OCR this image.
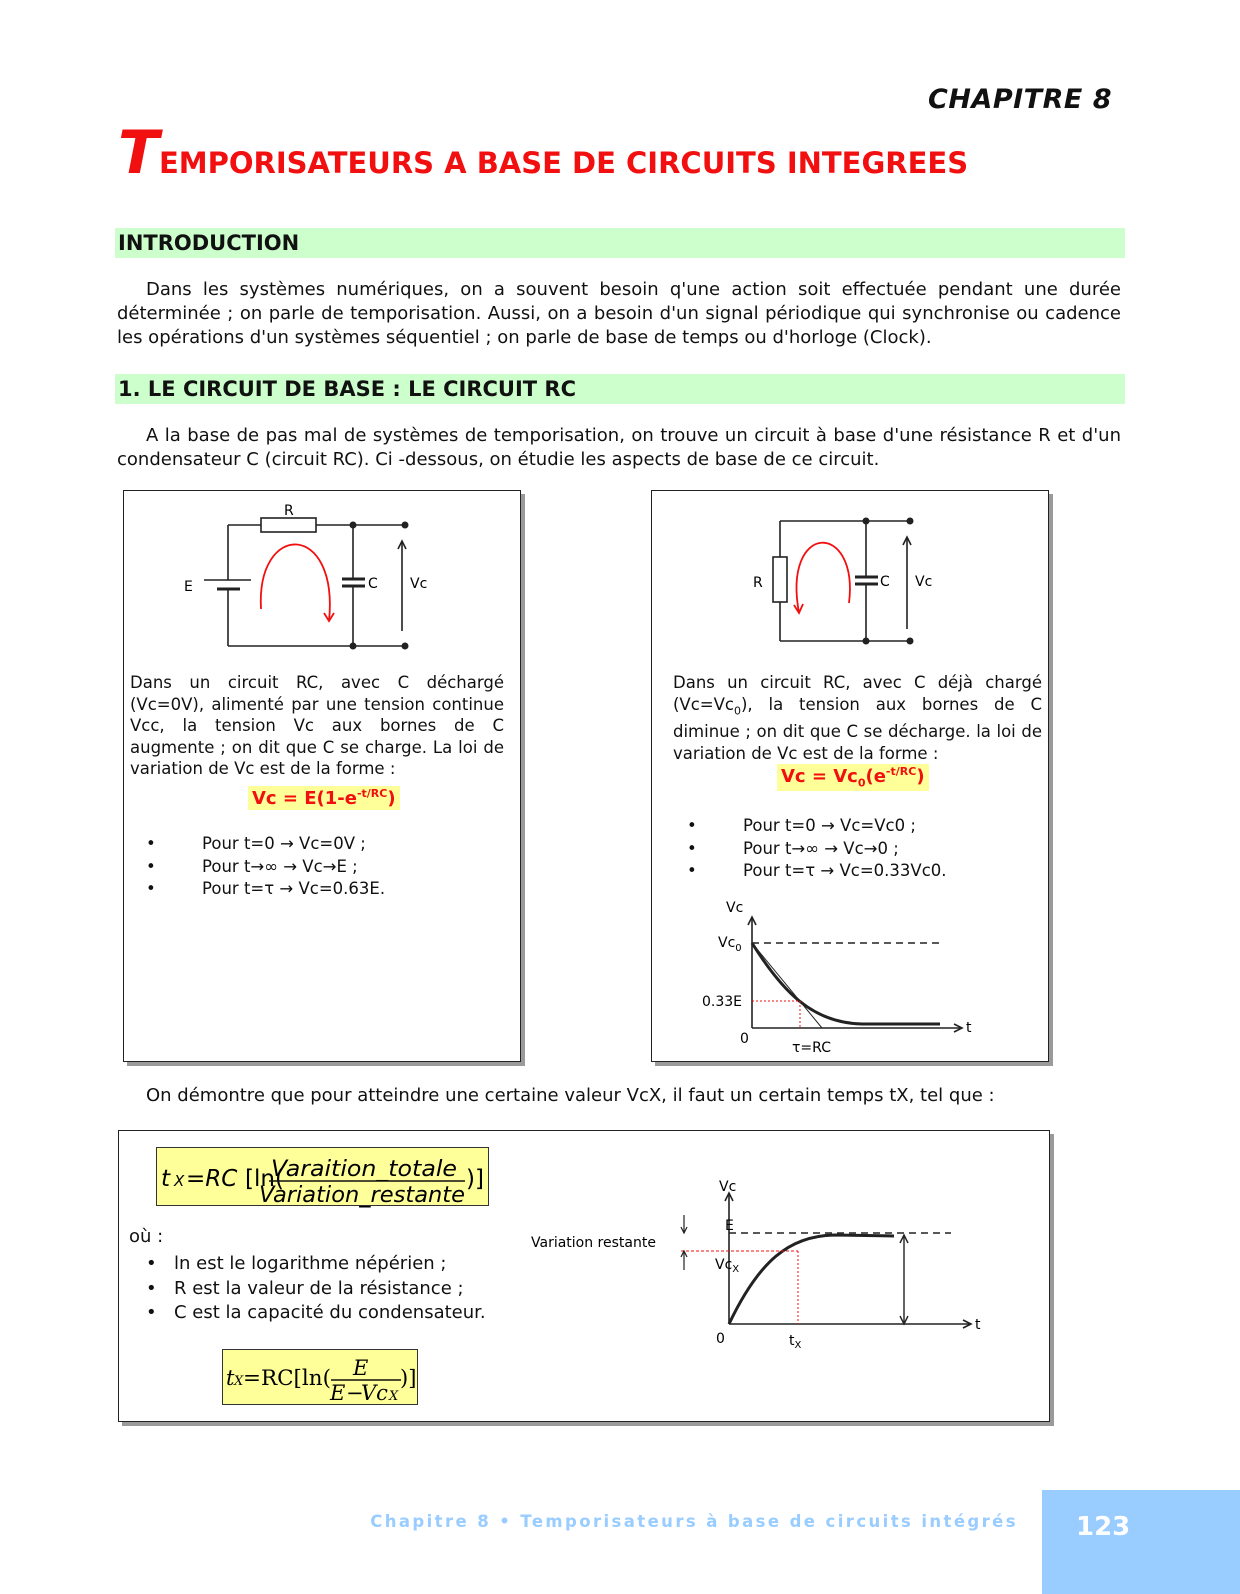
CHAPITRE 8
TEMPORISATEURS A BASE DE CIRCUITS INTEGREES
INTRODUCTION

Dans les systèmes numériques, on a souvent besoin q'une action soit effectuée pendant une durée déterminée ; on parle de temporisation. Aussi, on a besoin d'un signal périodique qui synchronise ou cadence les opérations d'un systèmes séquentiel ; on parle de base de temps ou d'horloge (Clock).

1. LE CIRCUIT DE BASE : LE CIRCUIT RC

A la base de pas mal de systèmes de temporisation, on trouve un circuit à base d'une résistance R et d'un condensateur C (circuit RC). Ci -dessous, on étudie les aspects de base de ce circuit.

R
E	C Vc
Dans un circuit RC, avec C déchargé (Vc=0V), alimenté par une tension continue Vcc, la tension Vc aux bornes de C augmente ; on dit que C se charge. La loi de variation de Vc est de la forme :
$Vc = E(1-e^{-t/RC})$
• Pour t=0 → Vc=0V ;
• Pour t→∞ → Vc→E ;
• Pour t=τ → Vc=0.63E.
R	C Vc
Dans un circuit RC, avec C déjà chargé $(Vc=Vc_0)$, la tension aux bornes de C diminue ; on dit que C se décharge. la loi de variation de Vc est de la forme :
$Vc = Vc_0(e^{-t/RC})$
• Pour t=0 → Vc=Vc0 ;
• Pour t→∞ → Vc→0 ;
• Pour t=τ → Vc=0.33Vc0.
Vc
$Vc_0$
0.33E
0
t
τ=RC

On démontre que pour atteindre une certaine valeur VcX, il faut un certain temps tX, tel que :

t X =RC [ln(
Varaition_totale
Variation_restante
)]
où :
• ln est le logarithme népérien ;
• R est la valeur de la résistance ;
• C est la capacité du condensateur.
t X =RC[ln( E
E −
Vc X
)]
Vc
E
$Vc_X$
Variation restante
0
t
$t_X$
Chapitre 8 • Temporisateurs à base de circuits intégrés 123
